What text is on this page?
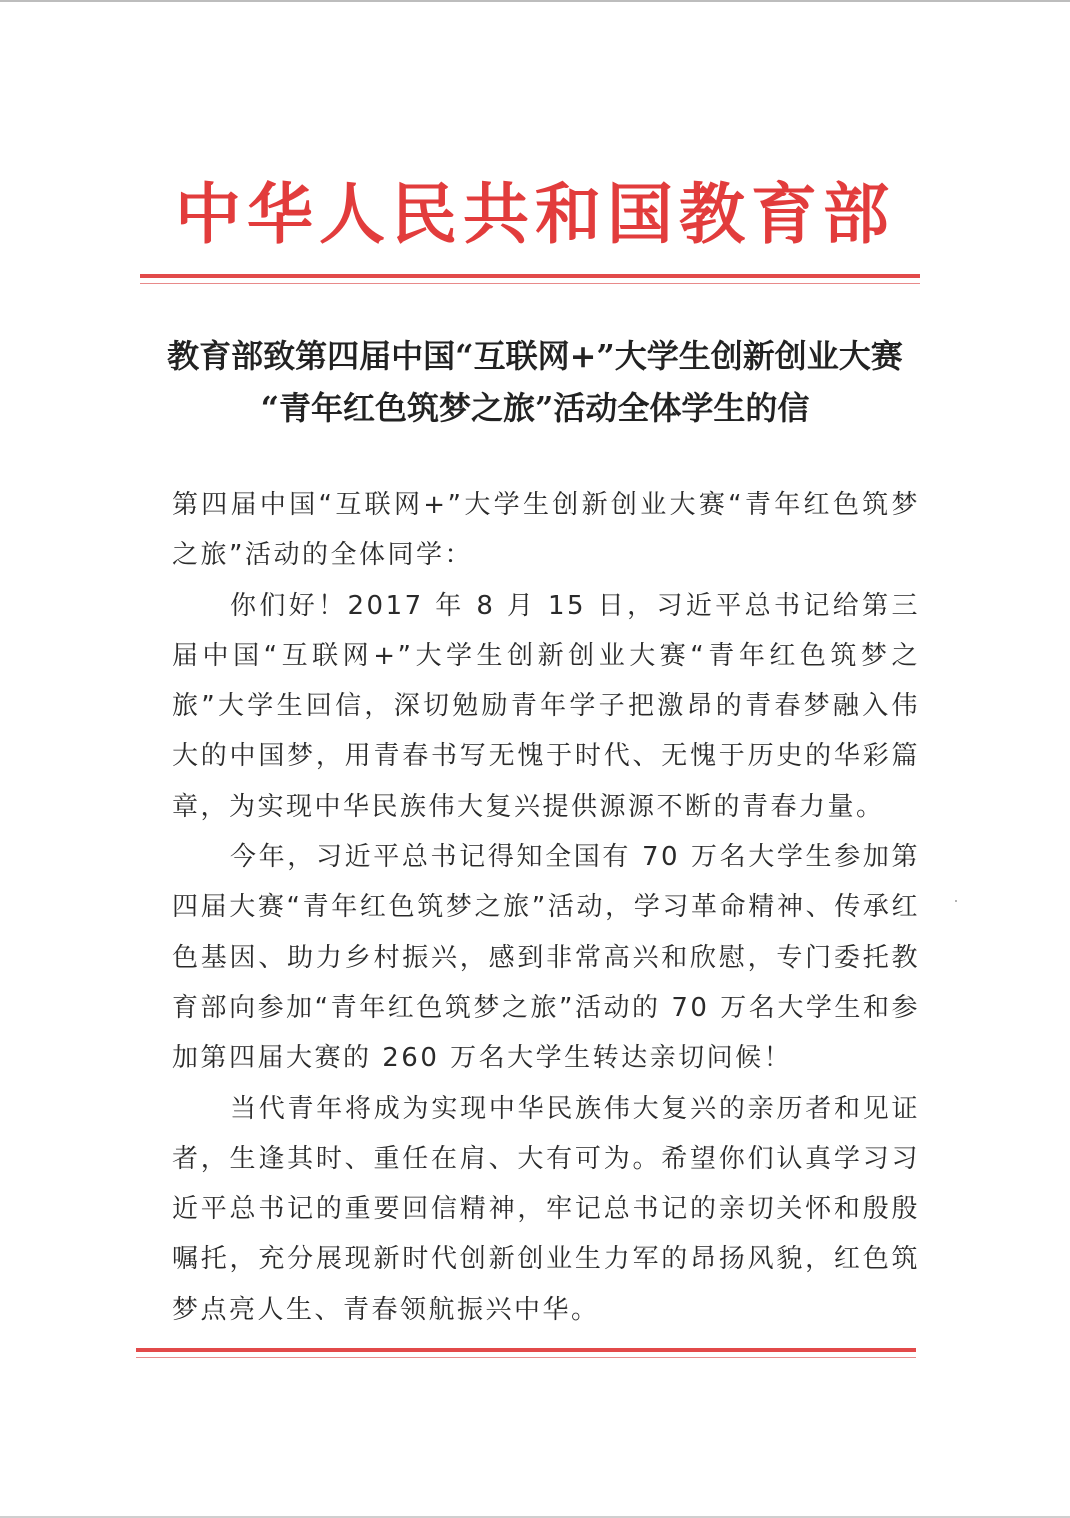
中华人民共和国教育部
教育部致第四届中国“互联网+”大学生创新创业大赛
“青年红色筑梦之旅”活动全体学生的信

第四届中国“互联网+”大学生创新创业大赛“青年红色筑梦之旅”活动的全体同学：

你们好！2017 年 8 月 15 日，习近平总书记给第三届中国“互联网+”大学生创新创业大赛“青年红色筑梦之旅”大学生回信，深切勉励青年学子把激昂的青春梦融入伟大的中国梦，用青春书写无愧于时代、无愧于历史的华彩篇章，为实现中华民族伟大复兴提供源源不断的青春力量。

今年，习近平总书记得知全国有 70 万名大学生参加第四届大赛“青年红色筑梦之旅”活动，学习革命精神、传承红色基因、助力乡村振兴，感到非常高兴和欣慰，专门委托教育部向参加“青年红色筑梦之旅”活动的 70 万名大学生和参加第四届大赛的 260 万名大学生转达亲切问候！

当代青年将成为实现中华民族伟大复兴的亲历者和见证者，生逢其时、重任在肩、大有可为。希望你们认真学习习近平总书记的重要回信精神，牢记总书记的亲切关怀和殷殷嘱托，充分展现新时代创新创业生力军的昂扬风貌，红色筑梦点亮人生、青春领航振兴中华。
